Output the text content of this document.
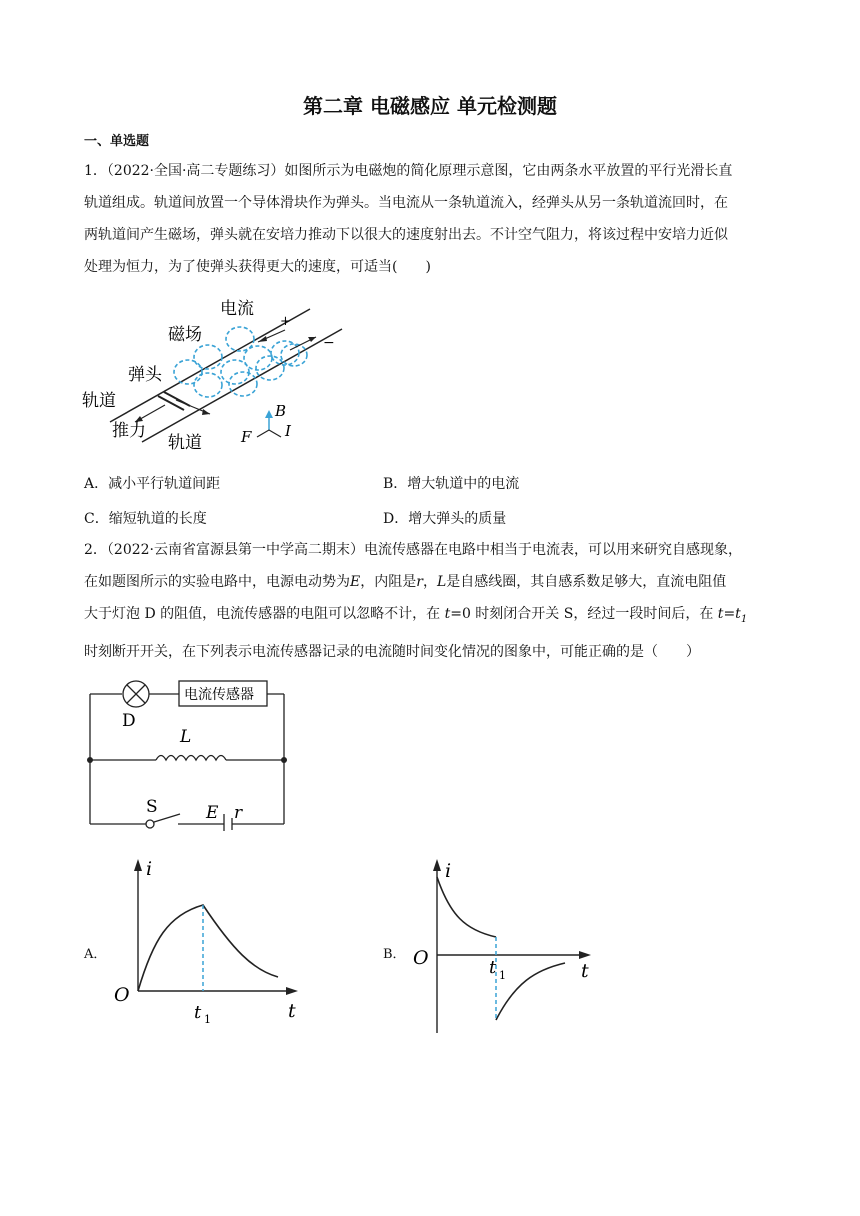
第二章 电磁感应 单元检测题
一、单选题
1．（2022·全国·高二专题练习）如图所示为电磁炮的简化原理示意图，它由两条水平放置的平行光滑长直
轨道组成。轨道间放置一个导体滑块作为弹头。当电流从一条轨道流入，经弹头从另一条轨道流回时，在
两轨道间产生磁场，弹头就在安培力推动下以很大的速度射出去。不计空气阻力，将该过程中安培力近似
处理为恒力，为了使弹头获得更大的速度，可适当(　　)
电流
磁场
弹头
轨道
推力
轨道
+
−
B
F I
A．减小平行轨道间距	B．增大轨道中的电流
C．缩短轨道的长度	D．增大弹头的质量
2．（2022·云南省富源县第一中学高二期末）电流传感器在电路中相当于电流表，可以用来研究自感现象，
在如题图所示的实验电路中，电源电动势为E，内阻是r，L是自感线圈，其自感系数足够大，直流电阻值
大于灯泡 D 的阻值，电流传感器的电阻可以忽略不计，在 t=0 时刻闭合开关 S，经过一段时间后，在 $t=t_1$
时刻断开开关，在下列表示电流传感器记录的电流随时间变化情况的图象中，可能正确的是（　　）
电流传感器
D
L
S	E r
A．
i
O
t 1	t
B．
i
O	t 1	t
